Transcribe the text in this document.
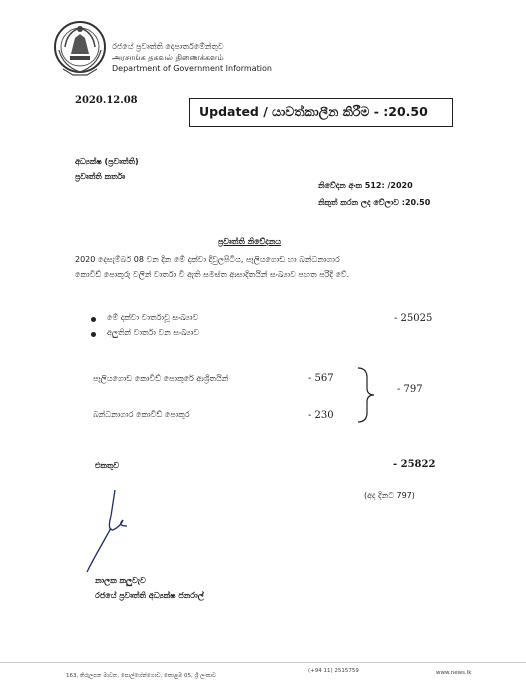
රජයේ ප්‍රවෘත්ති දෙපාර්තමේන්තුව
அரசாங்க தகவல் திணைக்களம்
Department of Government Information
2020.12.08
Updated / යාවත්කාලීන කිරීම - :20.50
අධ්‍යක්ෂ (ප්‍රවෘත්ති)
ප්‍රවෘත්ති කර්තෘ
නිවේදන අංක 512: /2020
නිකුත් කරන ලද වේලාව :20.50
ප්‍රවෘත්ති නිවේදනය
2020 දෙසැම්බර් 08 වන දින මේ දක්වා දිවුලපිටිය, පෑලියගොඩ හා බන්ධනාගාර
කොවිඩ් පොකුරු වලින් වාර්තා වී ඇති සමස්ත ආසාදිතයින් සංඛ්‍යාව පහත පරිදි වේ.
මේ දක්වා වාර්තාවූ සංඛ්‍යාව	- 25025
අලුතින් වාර්තා වන සංඛ්‍යාව
පෑලියගොඩ කොවිඩ් පොකුරේ ආශ්‍රිතයින්	- 567
බන්ධනාගාර කොවිඩ් පොකුර	- 230
- 797
එකතුව	- 25822
(අද දිනට 797)
නාලක කලුවැව
රජයේ ප්‍රවෘත්ති අධ්‍යක්ෂ ජනරාල්
163, කිරුලපන මාවත, පොල්හේන්ගොඩ, කොළඹ 05, ශ්‍රී ලංකාව
(+94 11) 2515759	www.news.lk
